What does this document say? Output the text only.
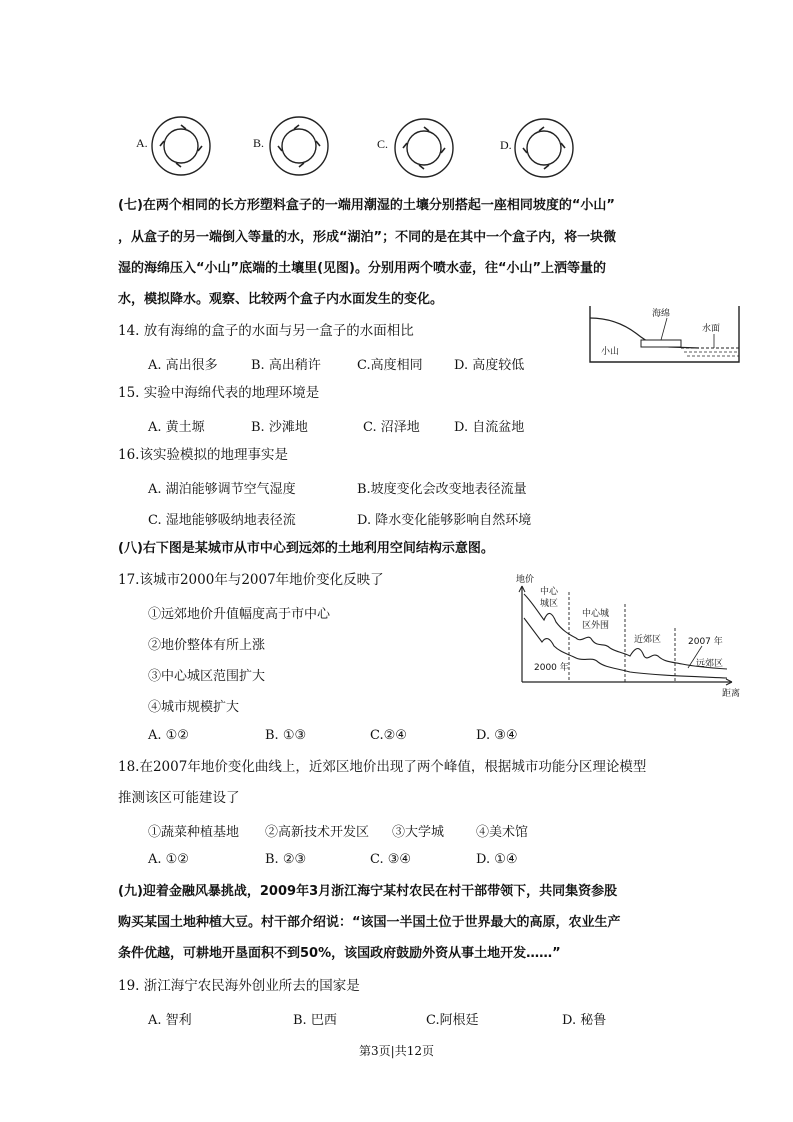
A.	B.	C.	D.
(七)在两个相同的长方形塑料盒子的一端用潮湿的土壤分别搭起一座相同坡度的“小山”
，从盒子的另一端倒入等量的水，形成“湖泊”；不同的是在其中一个盒子内，将一块微
湿的海绵压入“小山”底端的土壤里(见图)。分别用两个喷水壶，往“小山”上洒等量的
水，模拟降水。观察、比较两个盒子内水面发生的变化。
海绵
水面
小山
14. 放有海绵的盒子的水面与另一盒子的水面相比
A. 高出很多	B. 高出稍许	C.高度相同 D. 高度较低
15. 实验中海绵代表的地理环境是
A. 黄土塬	B. 沙滩地	C. 沼泽地	D. 自流盆地
16.该实验模拟的地理事实是
A. 湖泊能够调节空气湿度	B.坡度变化会改变地表径流量
C. 湿地能够吸纳地表径流	D. 降水变化能够影响自然环境
(八)右下图是某城市从市中心到远郊的土地利用空间结构示意图。
17.该城市2000年与2007年地价变化反映了
①远郊地价升值幅度高于市中心
②地价整体有所上涨
③中心城区范围扩大
④城市规模扩大
A. ①②	B. ①③	C.②④	D. ③④
地价
距离
中心
城区
中心城
区外围
近郊区	2007 年
远郊区
2000 年
18.在2007年地价变化曲线上，近郊区地价出现了两个峰值，根据城市功能分区理论模型
推测该区可能建设了
①蔬菜种植基地 ②高新技术开发区 ③大学城 ④美术馆
A. ①②	B. ②③	C. ③④	D. ①④
(九)迎着金融风暴挑战，2009年3月浙江海宁某村农民在村干部带领下，共同集资参股
购买某国土地种植大豆。村干部介绍说：“该国一半国土位于世界最大的高原，农业生产
条件优越，可耕地开垦面积不到50%，该国政府鼓励外资从事土地开发……”
19. 浙江海宁农民海外创业所去的国家是
A. 智利	B. 巴西	C.阿根廷	D. 秘鲁
第3页|共12页
